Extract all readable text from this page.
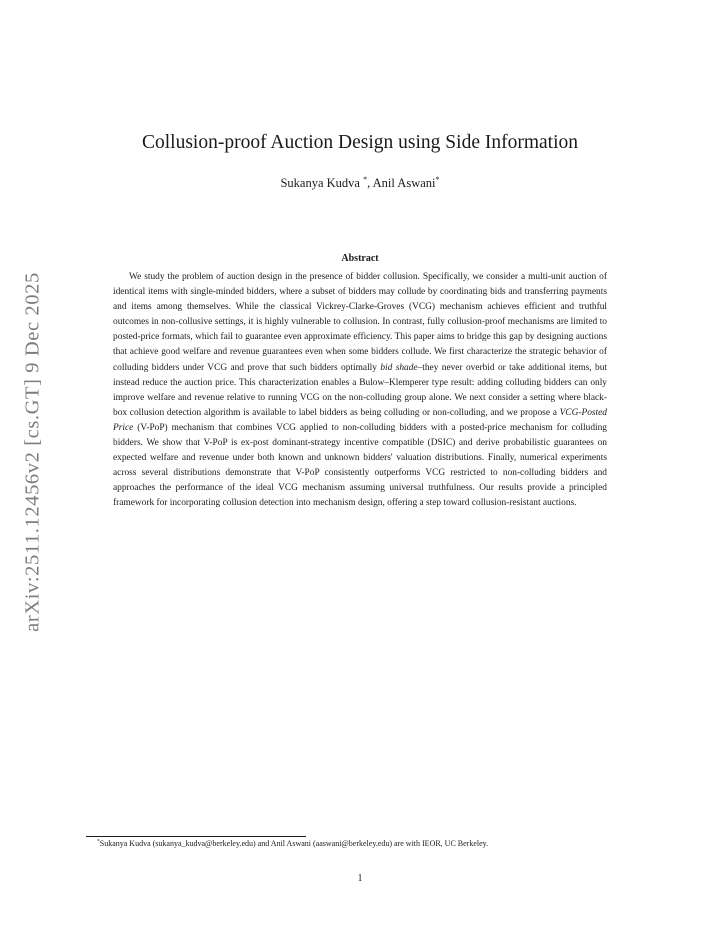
arXiv:2511.12456v2 [cs.GT] 9 Dec 2025
Collusion-proof Auction Design using Side Information
Sukanya Kudva *, Anil Aswani*
Abstract

We study the problem of auction design in the presence of bidder collusion. Specifically, we consider a multi-unit auction of identical items with single-minded bidders, where a subset of bidders may collude by coordinating bids and transferring payments and items among themselves. While the classical Vickrey-Clarke-Groves (VCG) mechanism achieves efficient and truthful outcomes in non-collusive settings, it is highly vulnerable to collusion. In contrast, fully collusion-proof mechanisms are limited to posted-price formats, which fail to guarantee even approximate efficiency. This paper aims to bridge this gap by designing auctions that achieve good welfare and revenue guarantees even when some bidders collude. We first characterize the strategic behavior of colluding bidders under VCG and prove that such bidders optimally bid shade–they never overbid or take additional items, but instead reduce the auction price. This characterization enables a Bulow–Klemperer type result: adding colluding bidders can only improve welfare and revenue relative to running VCG on the non-colluding group alone. We next consider a setting where black-box collusion detection algorithm is available to label bidders as being colluding or non-colluding, and we propose a VCG-Posted Price (V-PoP) mechanism that combines VCG applied to non-colluding bidders with a posted-price mechanism for colluding bidders. We show that V-PoP is ex-post dominant-strategy incentive compatible (DSIC) and derive probabilistic guarantees on expected welfare and revenue under both known and unknown bidders' valuation distributions. Finally, numerical experiments across several distributions demonstrate that V-PoP consistently outperforms VCG restricted to non-colluding bidders and approaches the performance of the ideal VCG mechanism assuming universal truthfulness. Our results provide a principled framework for incorporating collusion detection into mechanism design, offering a step toward collusion-resistant auctions.

*Sukanya Kudva (sukanya_kudva@berkeley.edu) and Anil Aswani (aaswani@berkeley.edu) are with IEOR, UC Berkeley.
1
